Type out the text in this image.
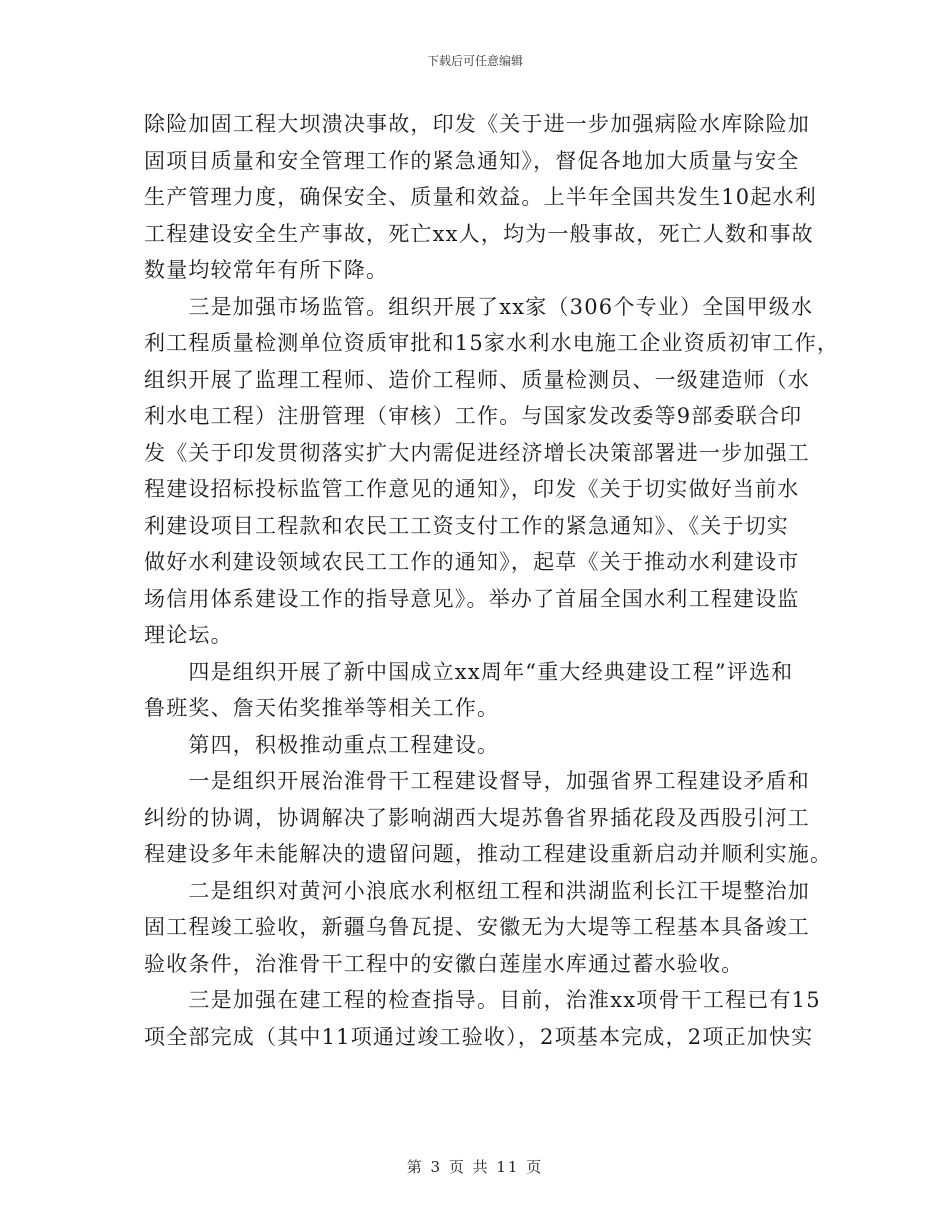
下载后可任意编辑
除险加固工程大坝溃决事故，印发《关于进一步加强病险水库除险加
固项目质量和安全管理工作的紧急通知》，督促各地加大质量与安全
生产管理力度，确保安全、质量和效益。上半年全国共发生10起水利
工程建设安全生产事故，死亡xx人，均为一般事故，死亡人数和事故
数量均较常年有所下降。
　　三是加强市场监管。组织开展了xx家（306个专业）全国甲级水
利工程质量检测单位资质审批和15家水利水电施工企业资质初审工作，
组织开展了监理工程师、造价工程师、质量检测员、一级建造师（水
利水电工程）注册管理（审核）工作。与国家发改委等9部委联合印
发《关于印发贯彻落实扩大内需促进经济增长决策部署进一步加强工
程建设招标投标监管工作意见的通知》，印发《关于切实做好当前水
利建设项目工程款和农民工工资支付工作的紧急通知》、《关于切实
做好水利建设领域农民工工作的通知》，起草《关于推动水利建设市
场信用体系建设工作的指导意见》。举办了首届全国水利工程建设监
理论坛。
　　四是组织开展了新中国成立xx周年“重大经典建设工程”评选和
鲁班奖、詹天佑奖推举等相关工作。
　　第四，积极推动重点工程建设。
　　一是组织开展治淮骨干工程建设督导，加强省界工程建设矛盾和
纠纷的协调，协调解决了影响湖西大堤苏鲁省界插花段及西股引河工
程建设多年未能解决的遗留问题，推动工程建设重新启动并顺利实施。
　　二是组织对黄河小浪底水利枢纽工程和洪湖监利长江干堤整治加
固工程竣工验收，新疆乌鲁瓦提、安徽无为大堤等工程基本具备竣工
验收条件，治淮骨干工程中的安徽白莲崖水库通过蓄水验收。
　　三是加强在建工程的检查指导。目前，治淮xx项骨干工程已有15
项全部完成（其中11项通过竣工验收），2项基本完成，2项正加快实
第 3 页 共 11 页
